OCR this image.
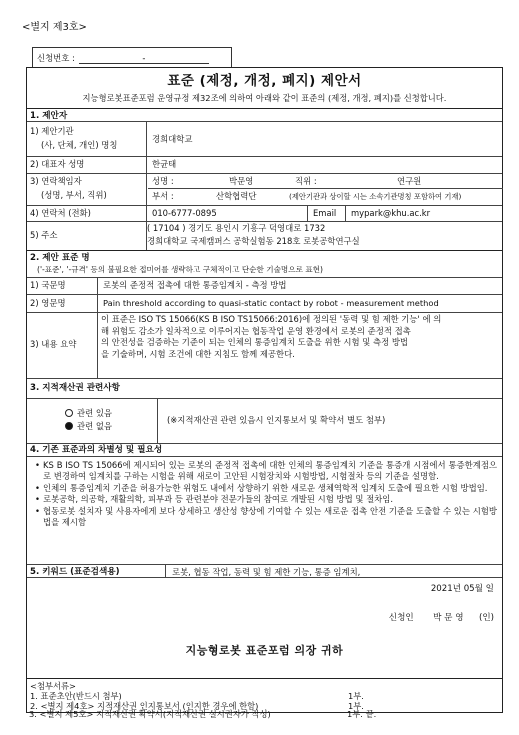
<별지 제3호>
신청번호 :	-
표준 (제정, 개정, 폐지) 제안서
지능형로봇표준포럼 운영규정 제32조에 의하여 아래와 같이 표준의 (제정, 개정, 폐지)를 신청합니다.
1. 제안자
1) 제안기관
(사, 단체, 개인) 명칭
경희대학교
2) 대표자 성명	한균태
3) 연락책임자
(성명, 부서, 직위)
성명 :	박문영	직위 :	연구원
부서 :	산학협력단	(제안기관과 상이할 시는 소속기관명칭 포함하여 기재)
4) 연락처 (전화)	010-6777-0895	Email mypark@khu.ac.kr
5) 주소
( 17104 ) 경기도 용인시 기흥구 덕영대로 1732
경희대학교 국제캠퍼스 공학실험동 218호 로봇공학연구실
2. 제안 표준 명
('-표준', '-규격' 등의 불필요한 접미어를 생략하고 구체적이고 단순한 기술명으로 표현)
1) 국문명	로봇의 준정적 접촉에 대한 통증임계치 - 측정 방법
2) 영문명	Pain threshold according to quasi-static contact by robot - measurement method
3) 내용 요약
이 표준은 ISO TS 15066(KS B ISO TS15066:2016)에 정의된 '동력 및 힘 제한 기능' 에 의
해 위험도 감소가 일차적으로 이루어지는 협동작업 운영 환경에서 로봇의 준정적 접촉
의 안전성을 검증하는 기준이 되는 인체의 통증임계치 도출을 위한 시험 및 측정 방법
을 기술하며, 시험 조건에 대한 지침도 함께 제공한다.
3. 지적재산권 관련사항
관련 있음
관련 없음
(※지적재산권 관련 있음시 인지통보서 및 확약서 별도 첨부)
4. 기존 표준과의 차별성 및 필요성
• KS B ISO TS 15066에 제시되어 있는 로봇의 준정적 접촉에 대한 인체의 통증임계치 기준을 통증개 시점에서 통증한계점으로 변경하여 임계치를 구하는 시험을 위해 새로이 고안된 시험장치와 시험방법, 시험절차 등의 기준을 설명함.
• 인체의 통증임계치 기준을 허용가능한 위험도 내에서 상향하기 위한 새로운 생체역학적 임계치 도출에 필요한 시험 방법임.
• 로봇공학, 의공학, 재활의학, 피부과 등 관련분야 전문가들의 참여로 개발된 시험 방법 및 절차임.
• 협동로봇 설치자 및 사용자에게 보다 상세하고 생산성 향상에 기여할 수 있는 새로운 접촉 안전 기준을 도출할 수 있는 시험방법을 제시함
5. 키워드 (표준검색용)	로봇, 협동 작업, 동력 및 힘 제한 기능, 통증 임계치,
2021년 05월 일
신청인 박 문 영 (인)
지능형로봇 표준포럼 의장 귀하
<첨부서류>
1. 표준초안(반드시 첨부)	1부.
2. <별지 제4호> 지적재산권 인지통보서 (인지한 경우에 한함)	1부.
3. <별지 제5호> 지적재산권 확약서(지적재산권 실시권자가 작성)	1부. 끝.
